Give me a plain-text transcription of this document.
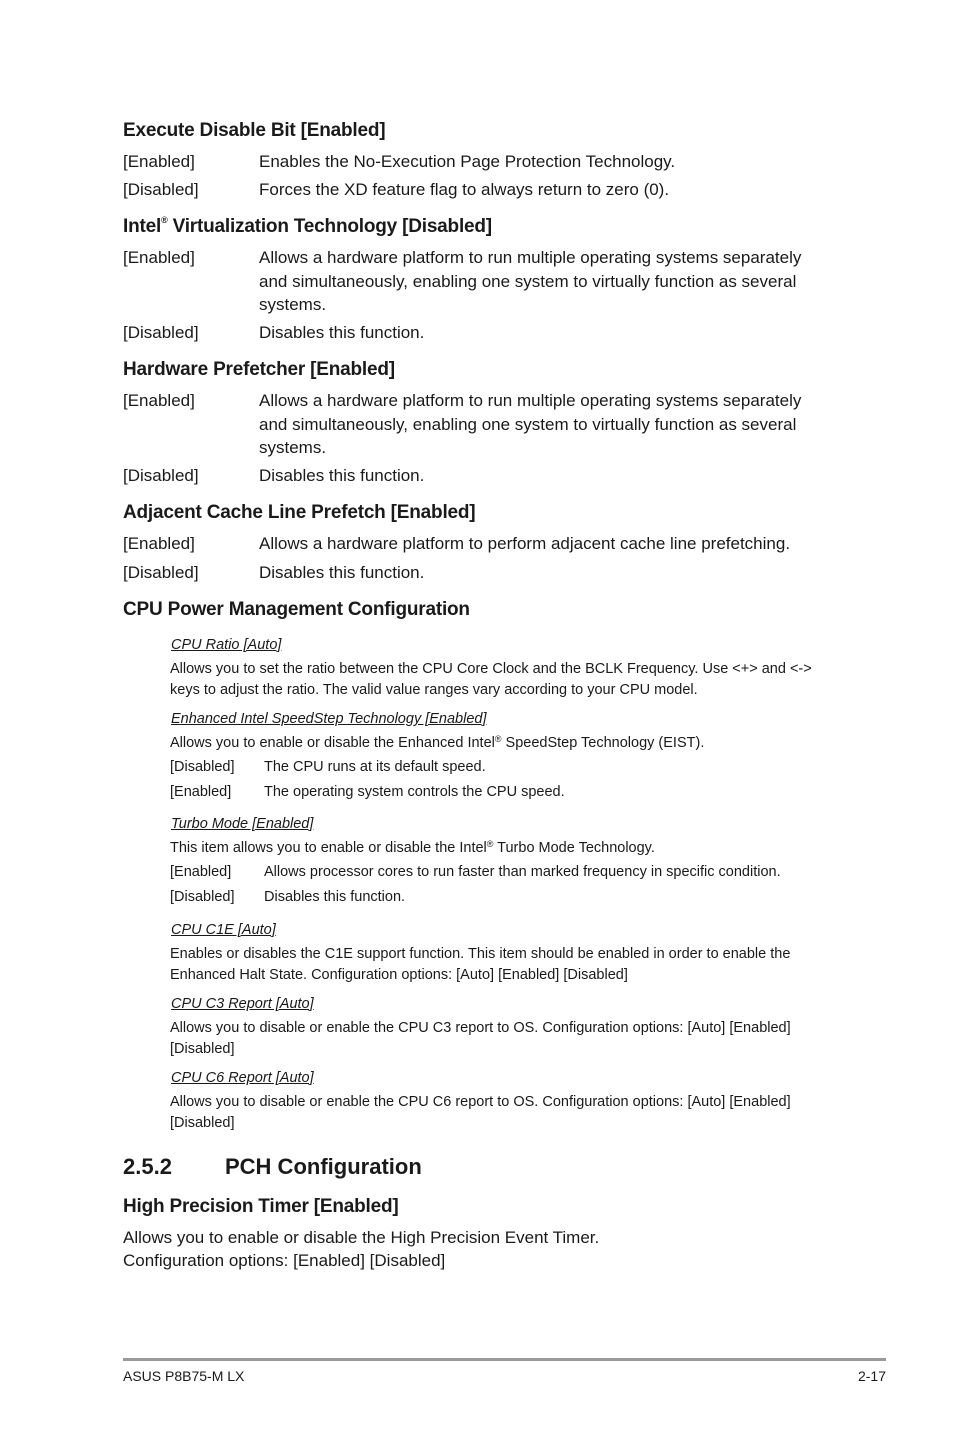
Execute Disable Bit [Enabled]
[Enabled]	Enables the No-Execution Page Protection Technology.
[Disabled]	Forces the XD feature flag to always return to zero (0).
Intel® Virtualization Technology [Disabled]
[Enabled]	Allows a hardware platform to run multiple operating systems separately and simultaneously, enabling one system to virtually function as several systems.
[Disabled]	Disables this function.
Hardware Prefetcher [Enabled]
[Enabled]	Allows a hardware platform to run multiple operating systems separately and simultaneously, enabling one system to virtually function as several systems.
[Disabled]	Disables this function.
Adjacent Cache Line Prefetch [Enabled]
[Enabled]	Allows a hardware platform to perform adjacent cache line prefetching.
[Disabled]	Disables this function.
CPU Power Management Configuration
CPU Ratio [Auto]
Allows you to set the ratio between the CPU Core Clock and the BCLK Frequency. Use <+> and <-> keys to adjust the ratio. The valid value ranges vary according to your CPU model.
Enhanced Intel SpeedStep Technology [Enabled]
Allows you to enable or disable the Enhanced Intel® SpeedStep Technology (EIST).
[Disabled] The CPU runs at its default speed.
[Enabled] The operating system controls the CPU speed.
Turbo Mode [Enabled]
This item allows you to enable or disable the Intel® Turbo Mode Technology.
[Enabled] Allows processor cores to run faster than marked frequency in specific condition.
[Disabled] Disables this function.
CPU C1E [Auto]
Enables or disables the C1E support function. This item should be enabled in order to enable the Enhanced Halt State. Configuration options: [Auto] [Enabled] [Disabled]
CPU C3 Report [Auto]
Allows you to disable or enable the CPU C3 report to OS. Configuration options: [Auto] [Enabled] [Disabled]
CPU C6 Report [Auto]
Allows you to disable or enable the CPU C6 report to OS. Configuration options: [Auto] [Enabled] [Disabled]
2.5.2 PCH Configuration
High Precision Timer [Enabled]
Allows you to enable or disable the High Precision Event Timer.
Configuration options: [Enabled] [Disabled]
ASUS P8B75-M LX	2-17
